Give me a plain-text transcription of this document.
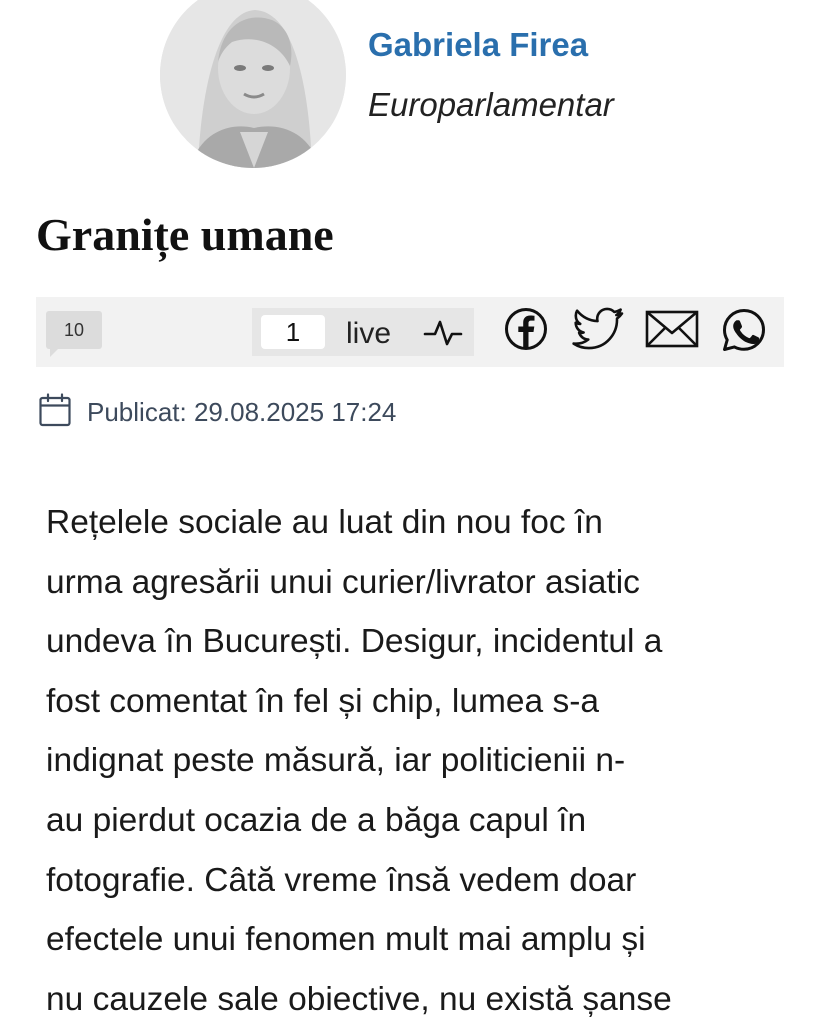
Gabriela Firea
Europarlamentar
Granițe umane
10	1	live
Publicat: 29.08.2025 17:24

Rețelele sociale au luat din nou foc în
urma agresării unui curier/livrator asiatic
undeva în București. Desigur, incidentul a
fost comentat în fel și chip, lumea s-a
indignat peste măsură, iar politicienii n-
au pierdut ocazia de a băga capul în
fotografie. Câtă vreme însă vedem doar
efectele unui fenomen mult mai amplu și
nu cauzele sale obiective, nu există șanse
